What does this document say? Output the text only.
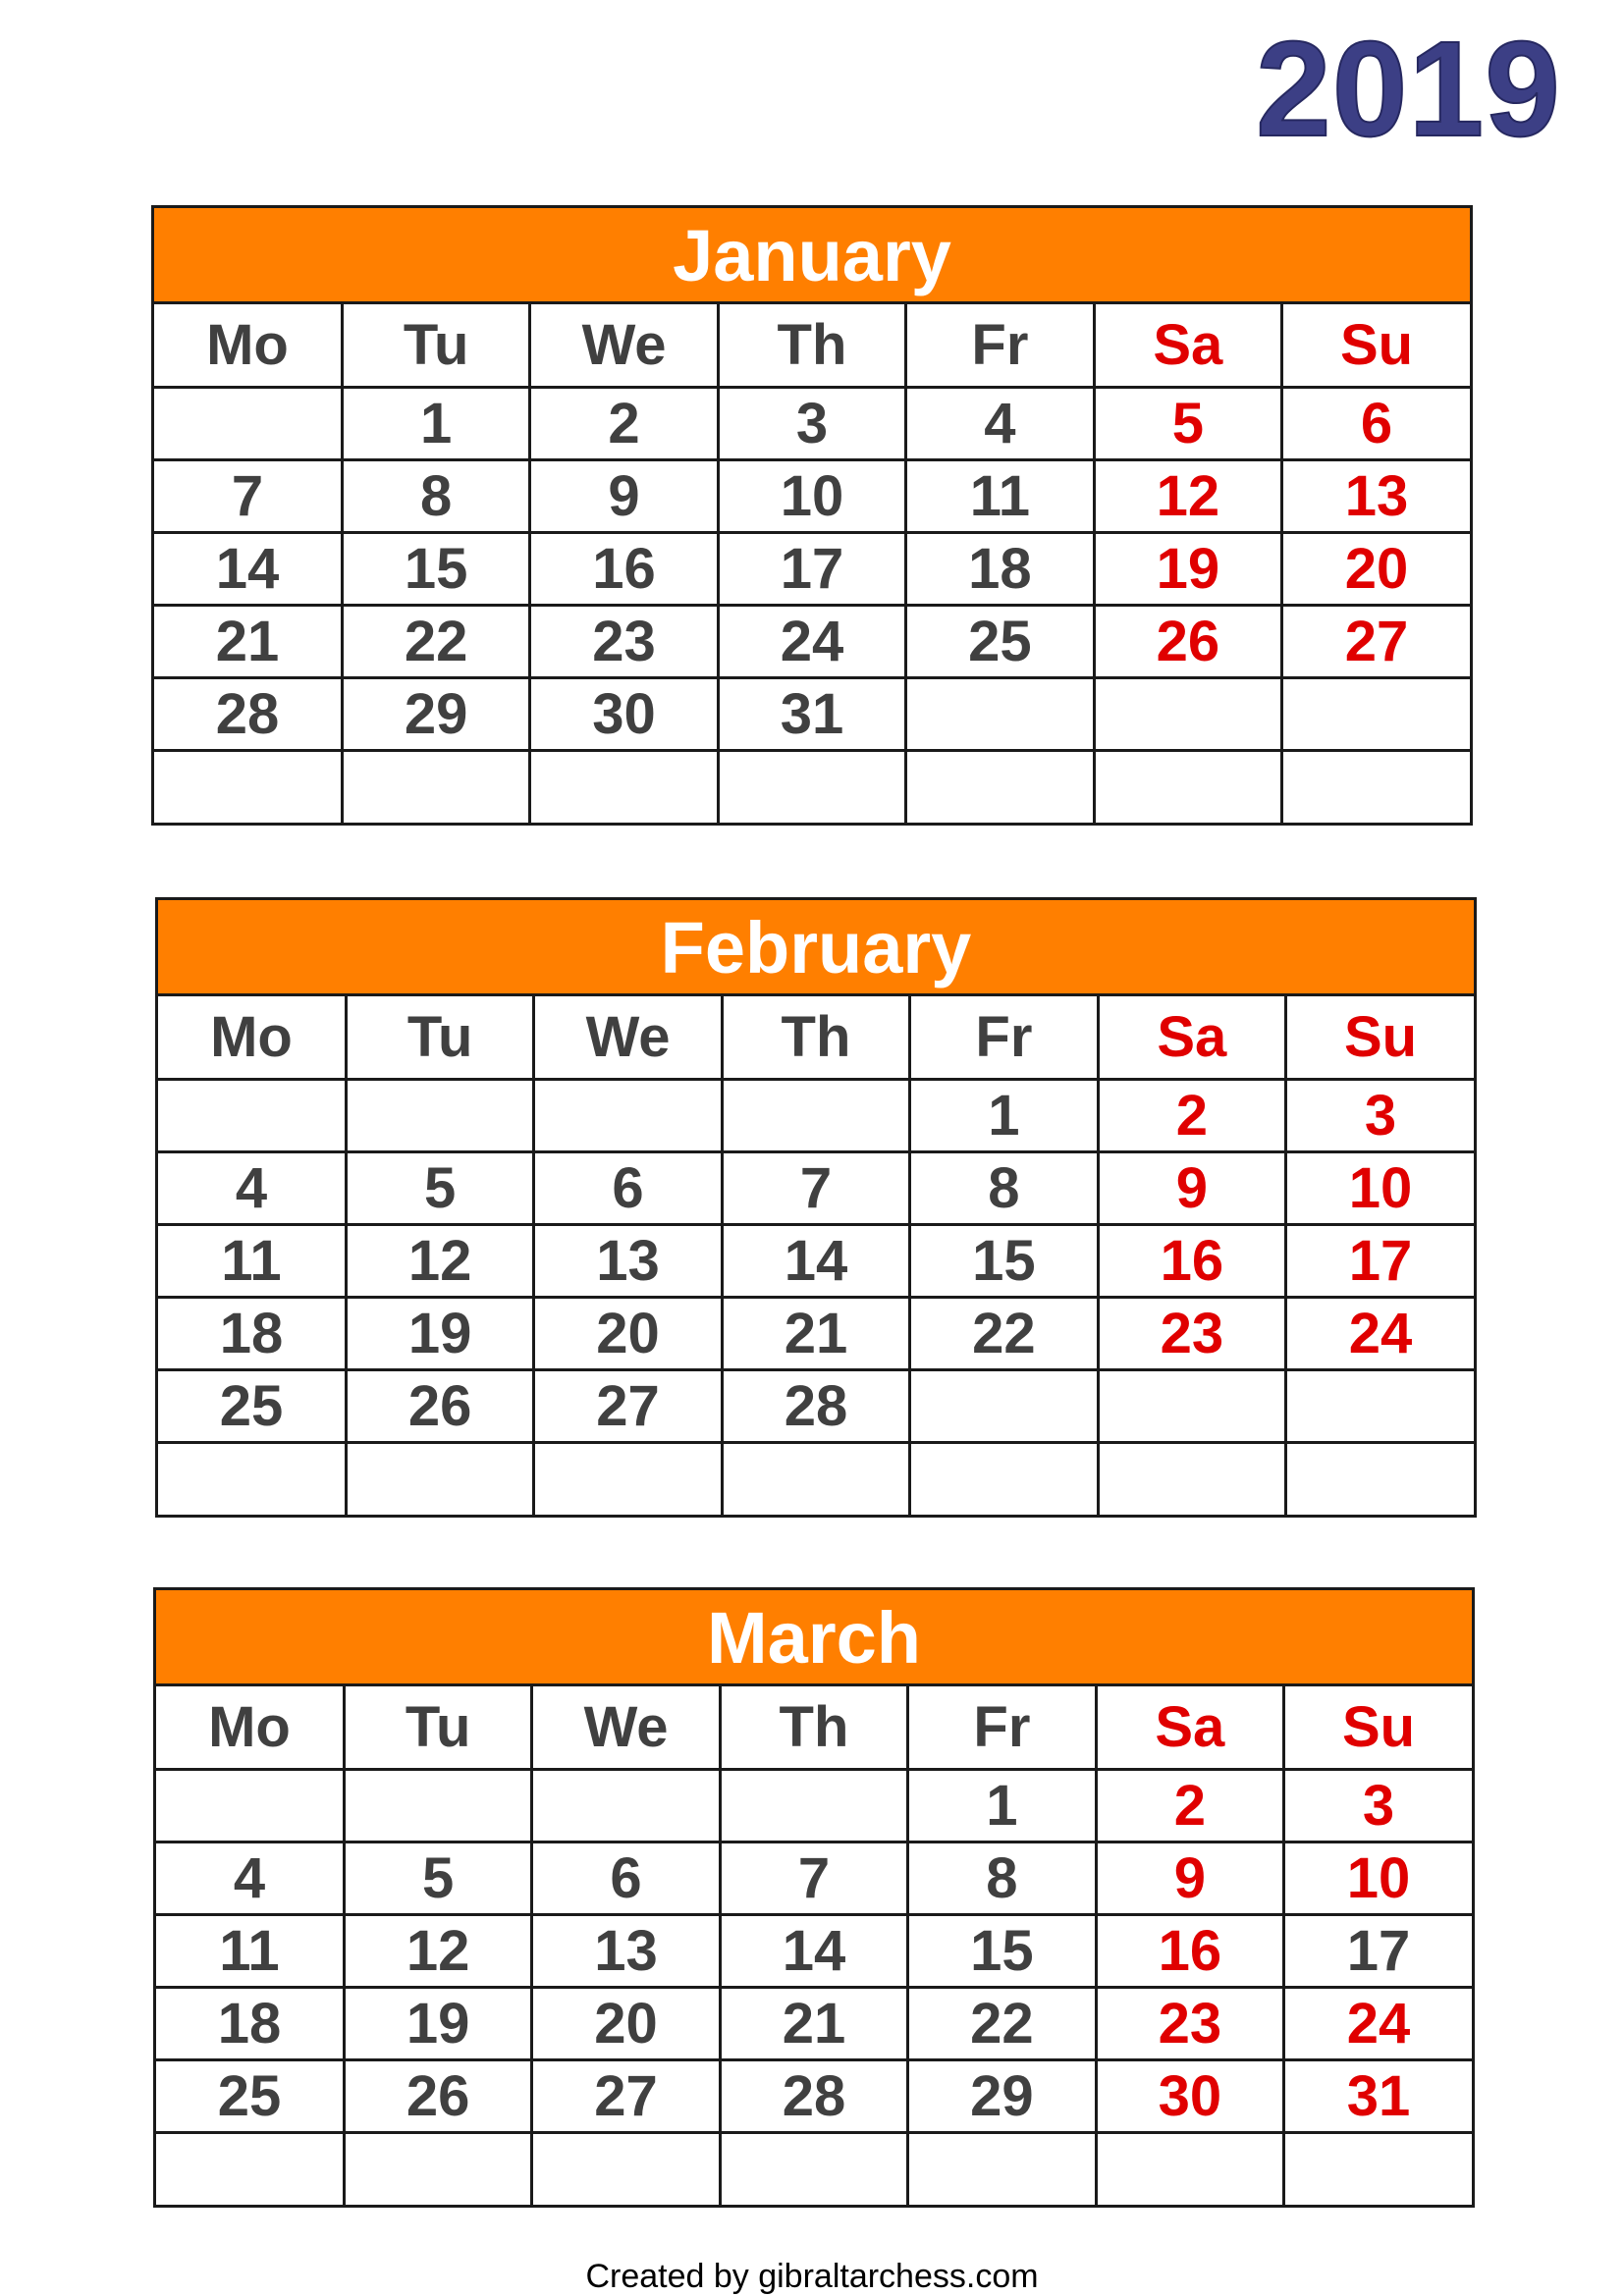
2019
January
Mo	Tu	We	Th	Fr	Sa	Su
	1	2	3	4	5	6
7	8	9	10	11	12	13
14	15	16	17	18	19	20
21	22	23	24	25	26	27
28	29	30	31			

February
Mo	Tu	We	Th	Fr	Sa	Su
				1	2	3
4	5	6	7	8	9	10
11	12	13	14	15	16	17
18	19	20	21	22	23	24
25	26	27	28			

March
Mo	Tu	We	Th	Fr	Sa	Su
				1	2	3
4	5	6	7	8	9	10
11	12	13	14	15	16	17
18	19	20	21	22	23	24
25	26	27	28	29	30	31

Created by gibraltarchess.com
